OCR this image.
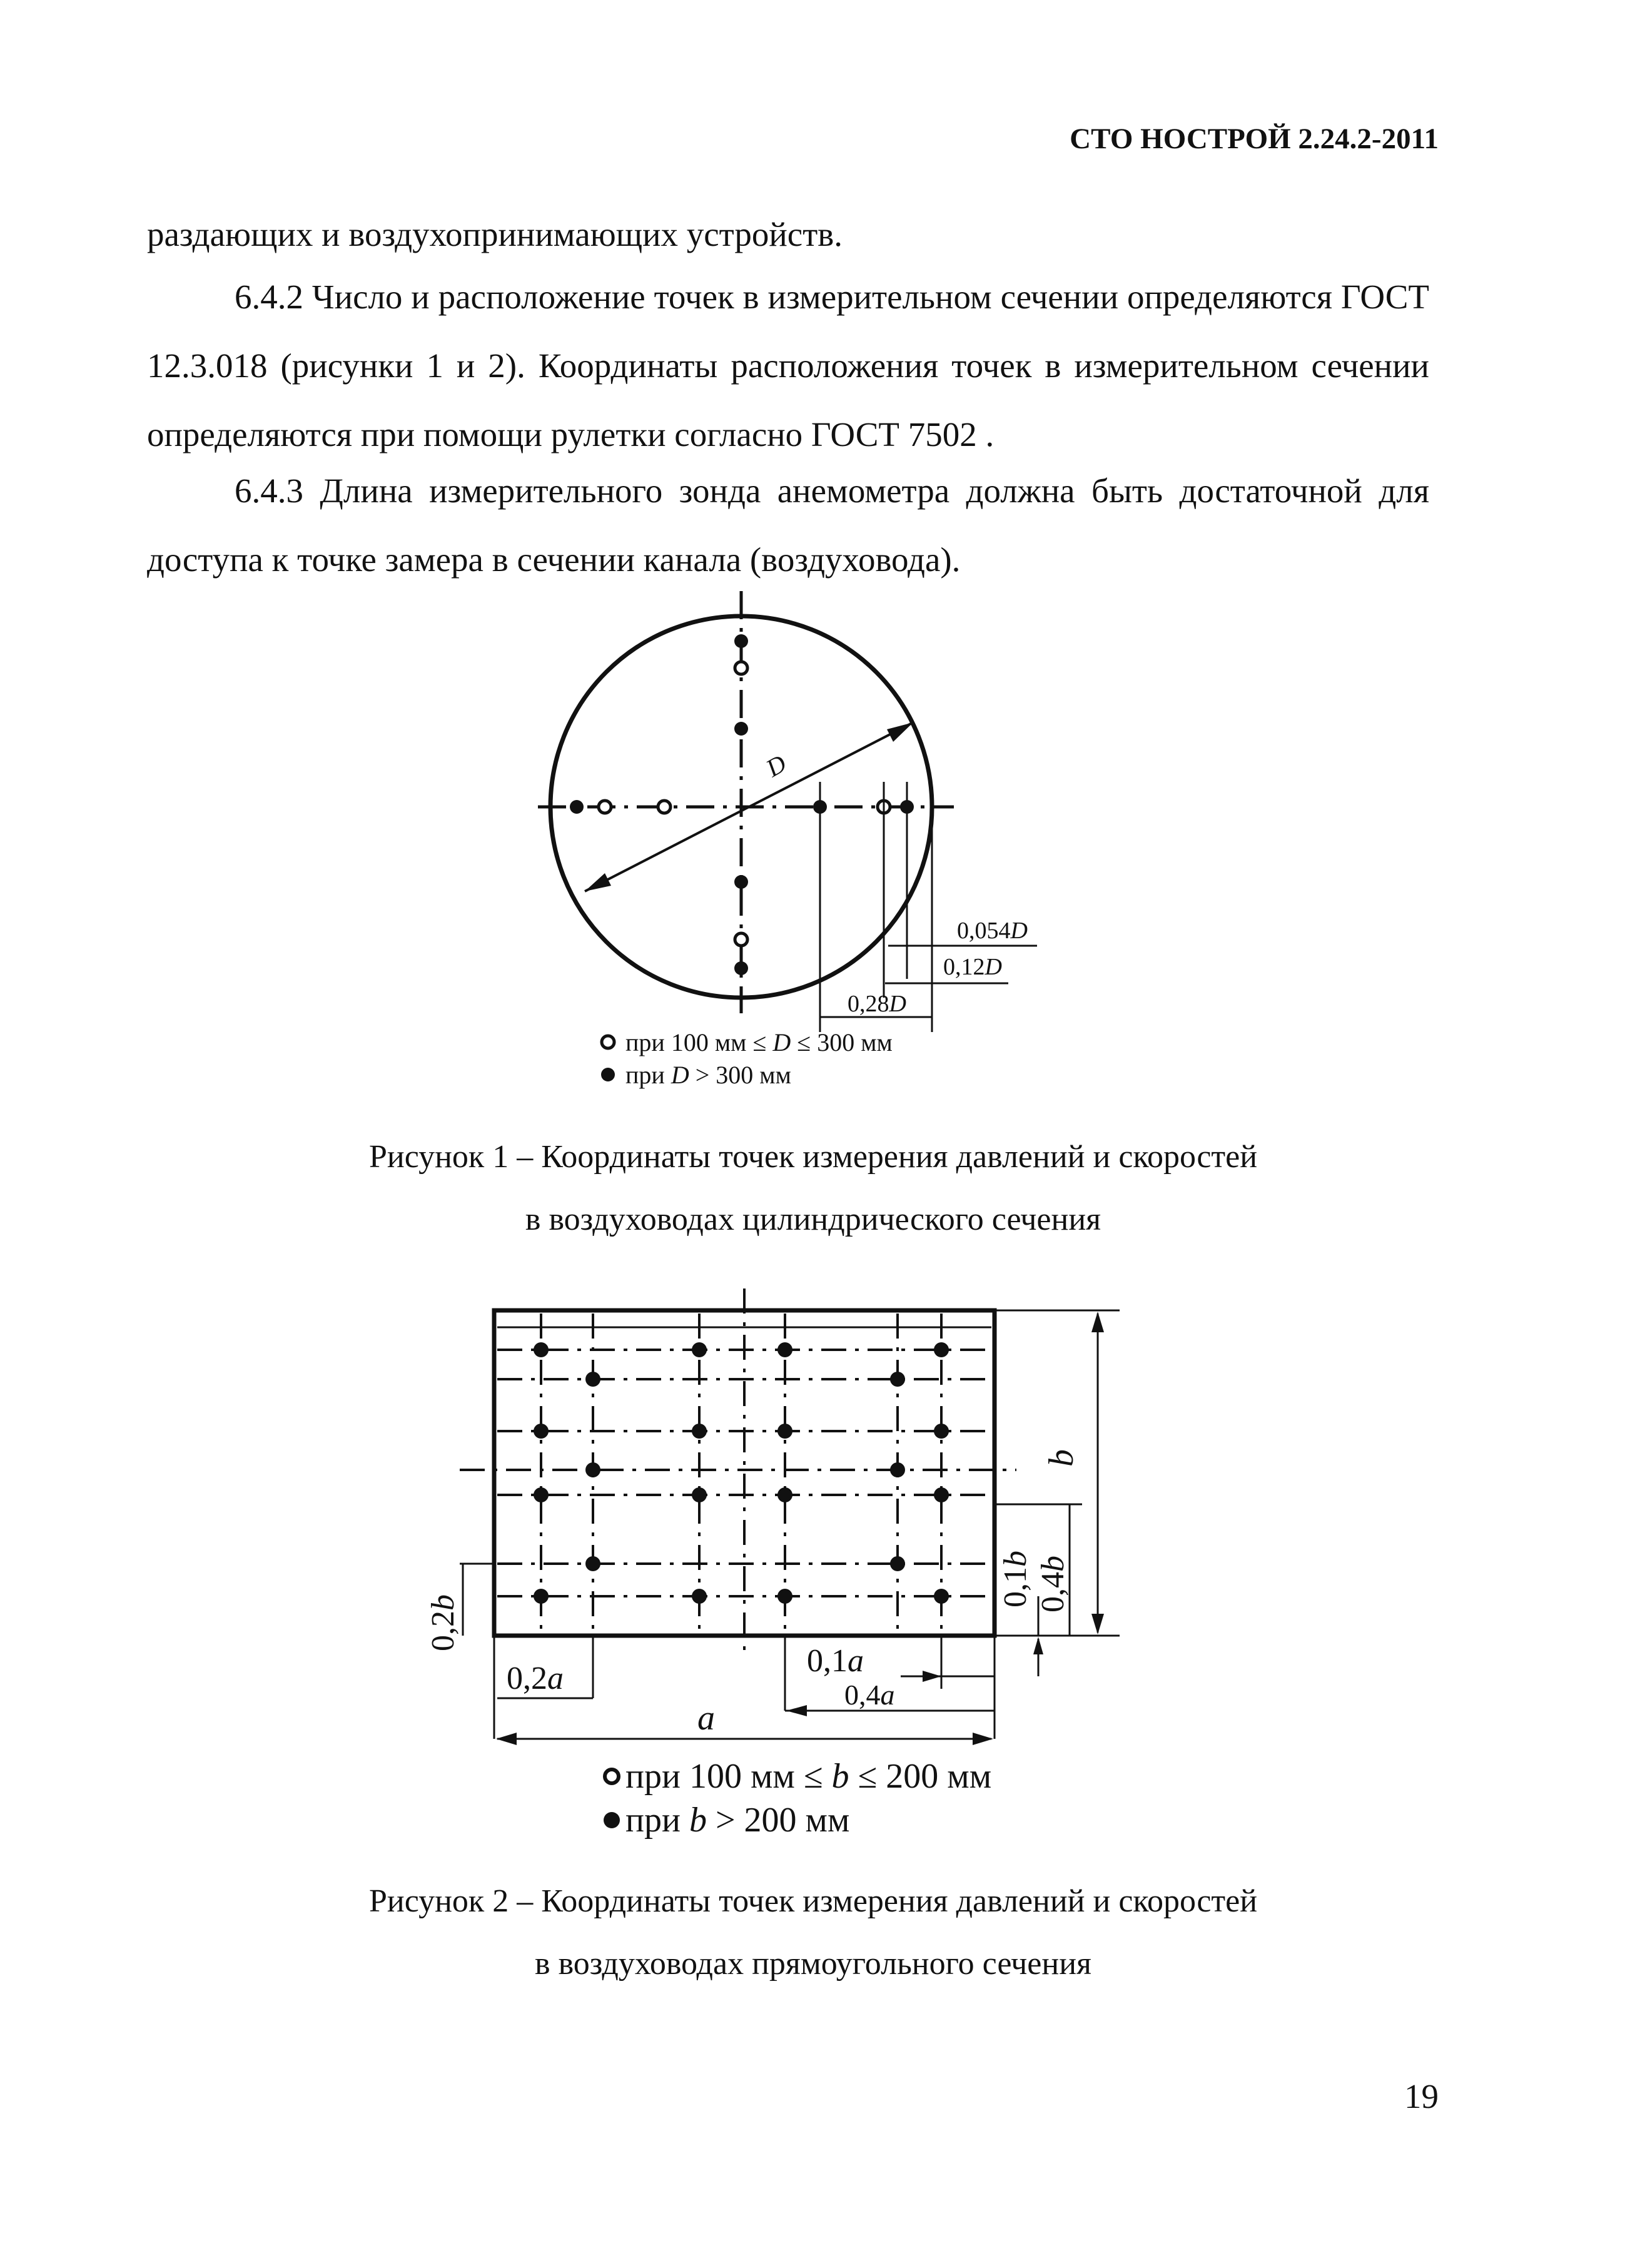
СТО НОСТРОЙ 2.24.2-2011
раздающих и воздухопринимающих устройств.
6.4.2 Число и расположение точек в измерительном сечении определяются ГОСТ 12.3.018 (рисунки 1 и 2). Координаты расположения точек в измерительном сечении определяются при помощи рулетки согласно ГОСТ 7502 .
6.4.3 Длина измерительного зонда анемометра должна быть достаточной для доступа к точке замера в сечении канала (воздуховода).
D
0,054D
0,12D
0,28D
при 100 мм ≤ D ≤ 300 мм
при D > 300 мм
b
0,2b	0,1b
0,4b
0,2a	0,1a
0,4a
a
при 100 мм ≤ b ≤ 200 мм
при b > 200 мм
Рисунок 1 – Координаты точек измерения давлений и скоростей
в воздуховодах цилиндрического сечения
Рисунок 2 – Координаты точек измерения давлений и скоростей
в воздуховодах прямоугольного сечения
19
